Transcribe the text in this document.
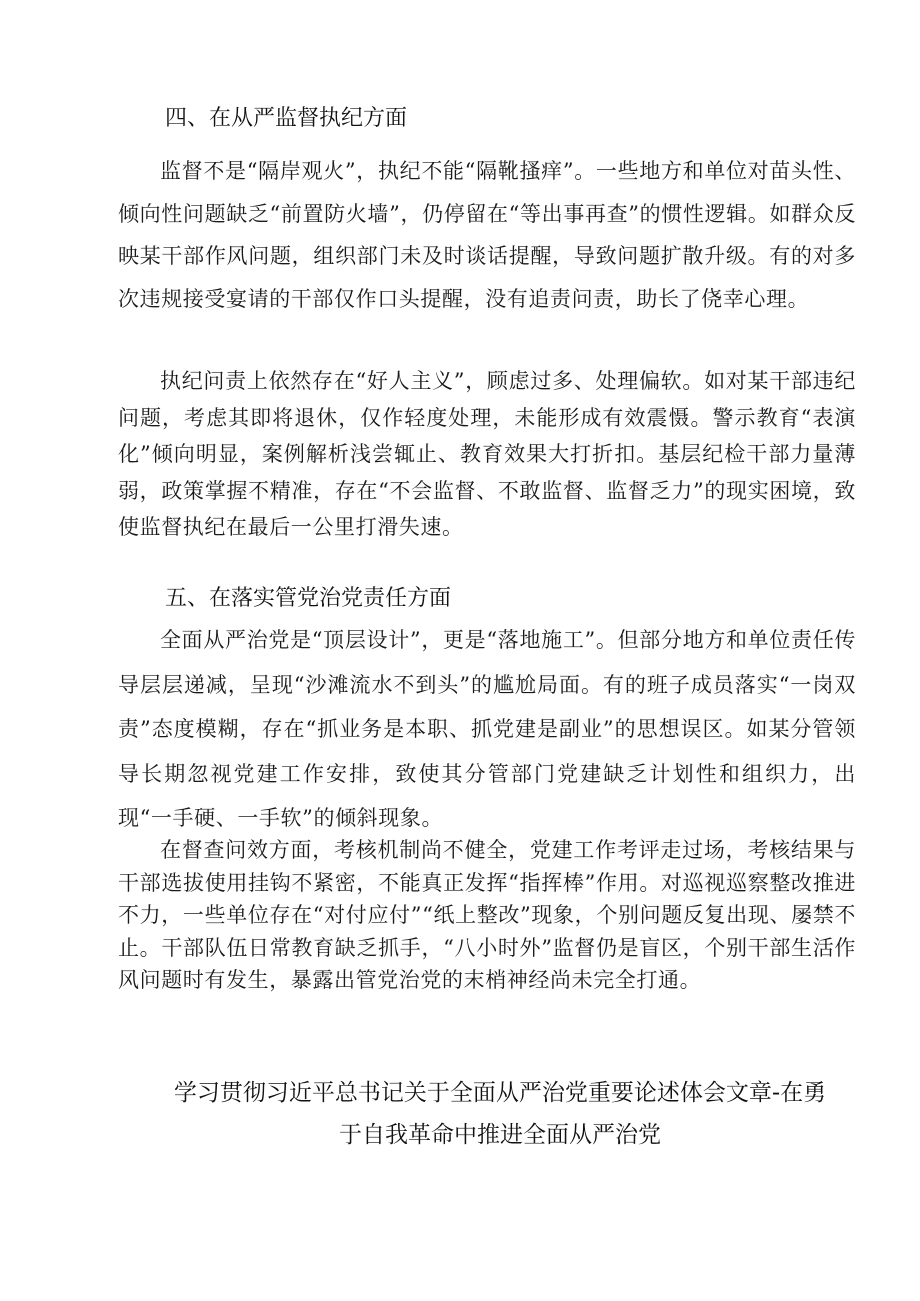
四、在从严监督执纪方面

监督不是“隔岸观火”，执纪不能“隔靴搔痒”。一些地方和单位对苗头性、倾向性问题缺乏“前置防火墙”，仍停留在“等出事再查”的惯性逻辑。如群众反映某干部作风问题，组织部门未及时谈话提醒，导致问题扩散升级。有的对多次违规接受宴请的干部仅作口头提醒，没有追责问责，助长了侥幸心理。

执纪问责上依然存在“好人主义”，顾虑过多、处理偏软。如对某干部违纪问题，考虑其即将退休，仅作轻度处理，未能形成有效震慑。警示教育“表演化”倾向明显，案例解析浅尝辄止、教育效果大打折扣。基层纪检干部力量薄弱，政策掌握不精准，存在“不会监督、不敢监督、监督乏力”的现实困境，致使监督执纪在最后一公里打滑失速。

五、在落实管党治党责任方面

全面从严治党是“顶层设计”，更是“落地施工”。但部分地方和单位责任传导层层递减，呈现“沙滩流水不到头”的尴尬局面。有的班子成员落实“一岗双责”态度模糊，存在“抓业务是本职、抓党建是副业”的思想误区。如某分管领导长期忽视党建工作安排，致使其分管部门党建缺乏计划性和组织力，出现“一手硬、一手软”的倾斜现象。

在督查问效方面，考核机制尚不健全，党建工作考评走过场，考核结果与干部选拔使用挂钩不紧密，不能真正发挥“指挥棒”作用。对巡视巡察整改推进不力，一些单位存在“对付应付”“纸上整改”现象，个别问题反复出现、屡禁不止。干部队伍日常教育缺乏抓手，“八小时外”监督仍是盲区，个别干部生活作风问题时有发生，暴露出管党治党的末梢神经尚未完全打通。

学习贯彻习近平总书记关于全面从严治党重要论述体会文章-在勇
于自我革命中推进全面从严治党
